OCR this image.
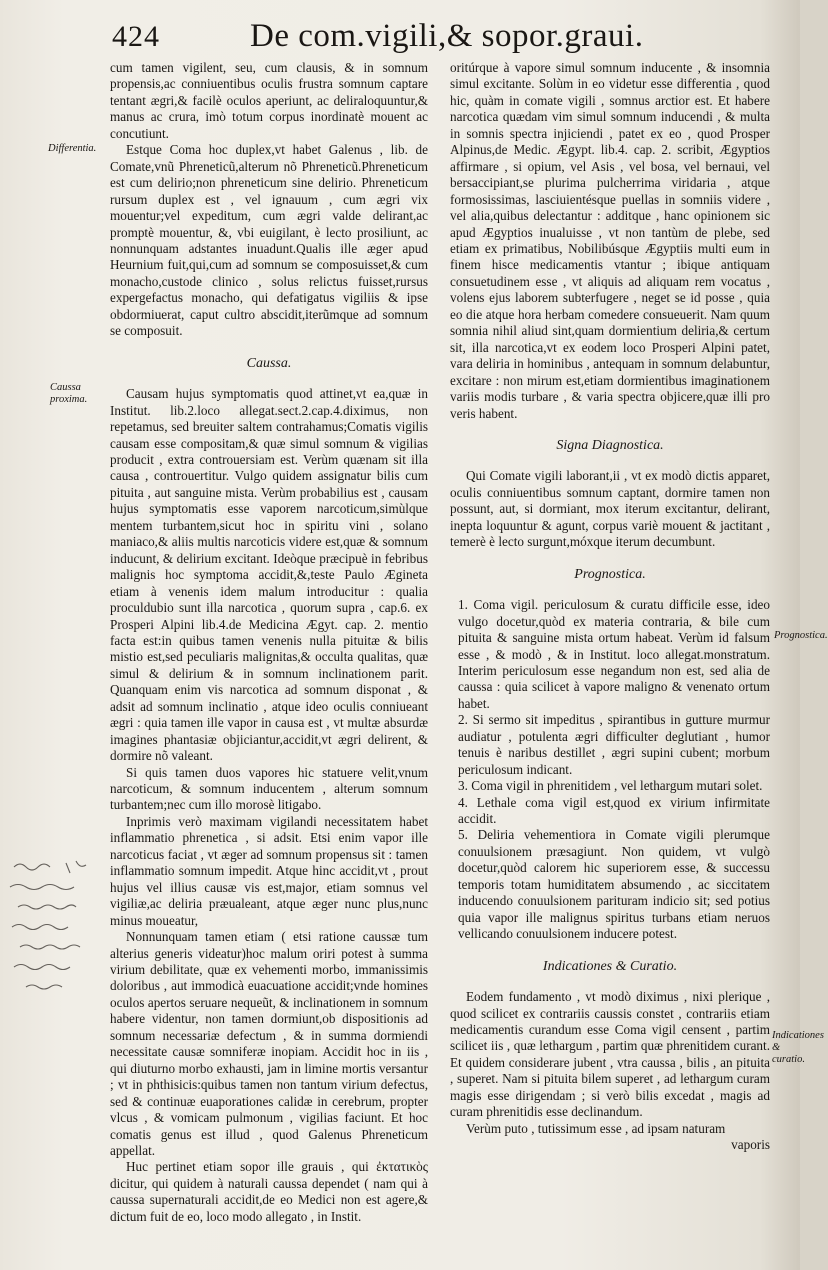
424	De com.vigili,& sopor.graui.
Differentia.
Caussa proxima.
Prognostica.
Indicationes & curatio.

cum tamen vigilent, seu, cum clausis, & in somnum propensis,ac conniuentibus oculis frustra somnum captare tentant ægri,& facilè oculos aperiunt, ac deliraloquuntur,& manus ac crura, imò totum corpus inordinatè mouent ac concutiunt.

Estque Coma hoc duplex,vt habet Galenus , lib. de Comate,vnũ Phreneticũ,alterum nõ Phreneticũ.Phreneticum est cum delirio;non phreneticum sine delirio. Phreneticum rursum duplex est , vel ignauum , cum ægri vix mouentur;vel expeditum, cum ægri valde delirant,ac promptè mouentur, &, vbi euigilant, è lecto prosiliunt, ac nonnunquam adstantes inuadunt.Qualis ille æger apud Heurnium fuit,qui,cum ad somnum se composuisset,& cum monacho,custode clinico , solus relictus fuisset,rursus expergefactus monacho, qui defatigatus vigiliis & ipse obdormiuerat, caput cultro abscidit,iterũmque ad somnum se composuit.

Caussa.

Causam hujus symptomatis quod attinet,vt ea,quæ in Institut. lib.2.loco allegat.sect.2.cap.4.diximus, non repetamus, sed breuiter saltem contrahamus;Comatis vigilis causam esse compositam,& quæ simul somnum & vigilias producit , extra controuersiam est. Verùm quænam sit illa causa , controuertitur. Vulgo quidem assignatur bilis cum pituita , aut sanguine mista. Verùm probabilius est , causam hujus symptomatis esse vaporem narcoticum,simùlque mentem turbantem,sicut hoc in spiritu vini , solano maniaco,& aliis multis narcoticis videre est,quæ & somnum inducunt, & delirium excitant. Ideòque præcipuè in febribus malignis hoc symptoma accidit,&,teste Paulo Ægineta etiam à venenis idem malum introducitur : qualia proculdubio sunt illa narcotica , quorum supra , cap.6. ex Prosperi Alpini lib.4.de Medicina Ægyt. cap. 2. mentio facta est:in quibus tamen venenis nulla pituitæ & bilis mistio est,sed peculiaris malignitas,& occulta qualitas, quæ simul & delirium & in somnum inclinationem parit. Quanquam enim vis narcotica ad somnum disponat , & adsit ad somnum inclinatio , atque ideo oculis conniueant ægri : quia tamen ille vapor in causa est , vt multæ absurdæ imagines phantasiæ objiciantur,accidit,vt ægri delirent, & dormire nõ valeant.

Si quis tamen duos vapores hic statuere velit,vnum narcoticum, & somnum inducentem , alterum somnum turbantem;nec cum illo morosè litigabo.

Inprimis verò maximam vigilandi necessitatem habet inflammatio phrenetica , si adsit. Etsi enim vapor ille narcoticus faciat , vt æger ad somnum propensus sit : tamen inflammatio somnum impedit. Atque hinc accidit,vt , prout hujus vel illius causæ vis est,major, etiam somnus vel vigiliæ,ac deliria præualeant, atque æger nunc plus,nunc minus moueatur,

Nonnunquam tamen etiam ( etsi ratione caussæ tum alterius generis videatur)hoc malum oriri potest à summa virium debilitate, quæ ex vehementi morbo, immanissimis doloribus , aut immodicà euacuatione accidit;vnde homines oculos apertos seruare nequeũt, & inclinationem in somnum habere videntur, non tamen dormiunt,ob dispositionis ad somnum necessariæ defectum , & in summa dormiendi necessitate causæ somniferæ inopiam. Accidit hoc in iis , qui diuturno morbo exhausti, jam in limine mortis versantur ; vt in phthisicis:quibus tamen non tantum virium defectus, sed & continuæ euaporationes calidæ in cerebrum, propter vlcus , & vomicam pulmonum , vigilias faciunt. Et hoc comatis genus est illud , quod Galenus Phreneticum appellat.

Huc pertinet etiam sopor ille grauis , qui ἐκτατικὸς dicitur, qui quidem à naturali caussa dependet ( nam qui à caussa supernaturali accidit,de eo Medici non est agere,& dictum fuit de eo, loco modo allegato , in Instit.

oritúrque à vapore simul somnum inducente , & insomnia simul excitante. Solùm in eo videtur esse differentia , quod hic, quàm in comate vigili , somnus arctior est. Et habere narcotica quædam vim simul somnum inducendi , & multa in somnis spectra injiciendi , patet ex eo , quod Prosper Alpinus,de Medic. Ægypt. lib.4. cap. 2. scribit, Ægyptios affirmare , si opium, vel Asis , vel bosa, vel bernaui, vel bersaccipiant,se plurima pulcherrima viridaria , atque formosissimas, lasciuientésque puellas in somniis videre , vel alia,quibus delectantur : additque , hanc opinionem sic apud Ægyptios inualuisse , vt non tantùm de plebe, sed etiam ex primatibus, Nobilibúsque Ægyptiis multi eum in finem hisce medicamentis vtantur ; ibique antiquam consuetudinem esse , vt aliquis ad aliquam rem vocatus , volens ejus laborem subterfugere , neget se id posse , quia eo die atque hora herbam comedere consueuerit. Nam quum somnia nihil aliud sint,quam dormientium deliria,& certum sit, illa narcotica,vt ex eodem loco Prosperi Alpini patet, vara deliria in hominibus , antequam in somnum delabuntur, excitare : non mirum est,etiam dormientibus imaginationem variis modis turbare , & varia spectra objicere,quæ illi pro veris habent.

Signa Diagnostica.

Qui Comate vigili laborant,ii , vt ex modò dictis apparet, oculis conniuentibus somnum captant, dormire tamen non possunt, aut, si dormiant, mox iterum excitantur, delirant, inepta loquuntur & agunt, corpus variè mouent & jactitant , temerè è lecto surgunt,móxque iterum decumbunt.

Prognostica.

1. Coma vigil. periculosum & curatu difficile esse, ideo vulgo docetur,quòd ex materia contraria, & bile cum pituita & sanguine mista ortum habeat. Verùm id falsum esse , & modò , & in Institut. loco allegat.monstratum. Interim periculosum esse negandum non est, sed alia de caussa : quia scilicet à vapore maligno & venenato ortum habet.

2. Si sermo sit impeditus , spirantibus in gutture murmur audiatur , potulenta ægri difficulter deglutiant , humor tenuis è naribus destillet , ægri supini cubent; morbum periculosum indicant.

3. Coma vigil in phrenitidem , vel lethargum mutari solet.

4. Lethale coma vigil est,quod ex virium infirmitate accidit.

5. Deliria vehementiora in Comate vigili plerumque conuulsionem præsagiunt. Non quidem, vt vulgò docetur,quòd calorem hic superiorem esse, & successu temporis totam humiditatem absumendo , ac siccitatem inducendo conuulsionem parituram indicio sit; sed potius quia vapor ille malignus spiritus turbans etiam neruos vellicando conuulsionem inducere potest.

Indicationes & Curatio.

Eodem fundamento , vt modò diximus , nixi plerique , quod scilicet ex contrariis caussis constet , contrariis etiam medicamentis curandum esse Coma vigil censent , partim scilicet iis , quæ lethargum , partim quæ phrenitidem curant. Et quidem considerare jubent , vtra caussa , bilis , an pituita , superet. Nam si pituita bilem superet , ad lethargum curam magis esse dirigendam ; si verò bilis excedat , magis ad curam phrenitidis esse declinandum.

Verùm puto , tutissimum esse , ad ipsam naturam

vaporis
